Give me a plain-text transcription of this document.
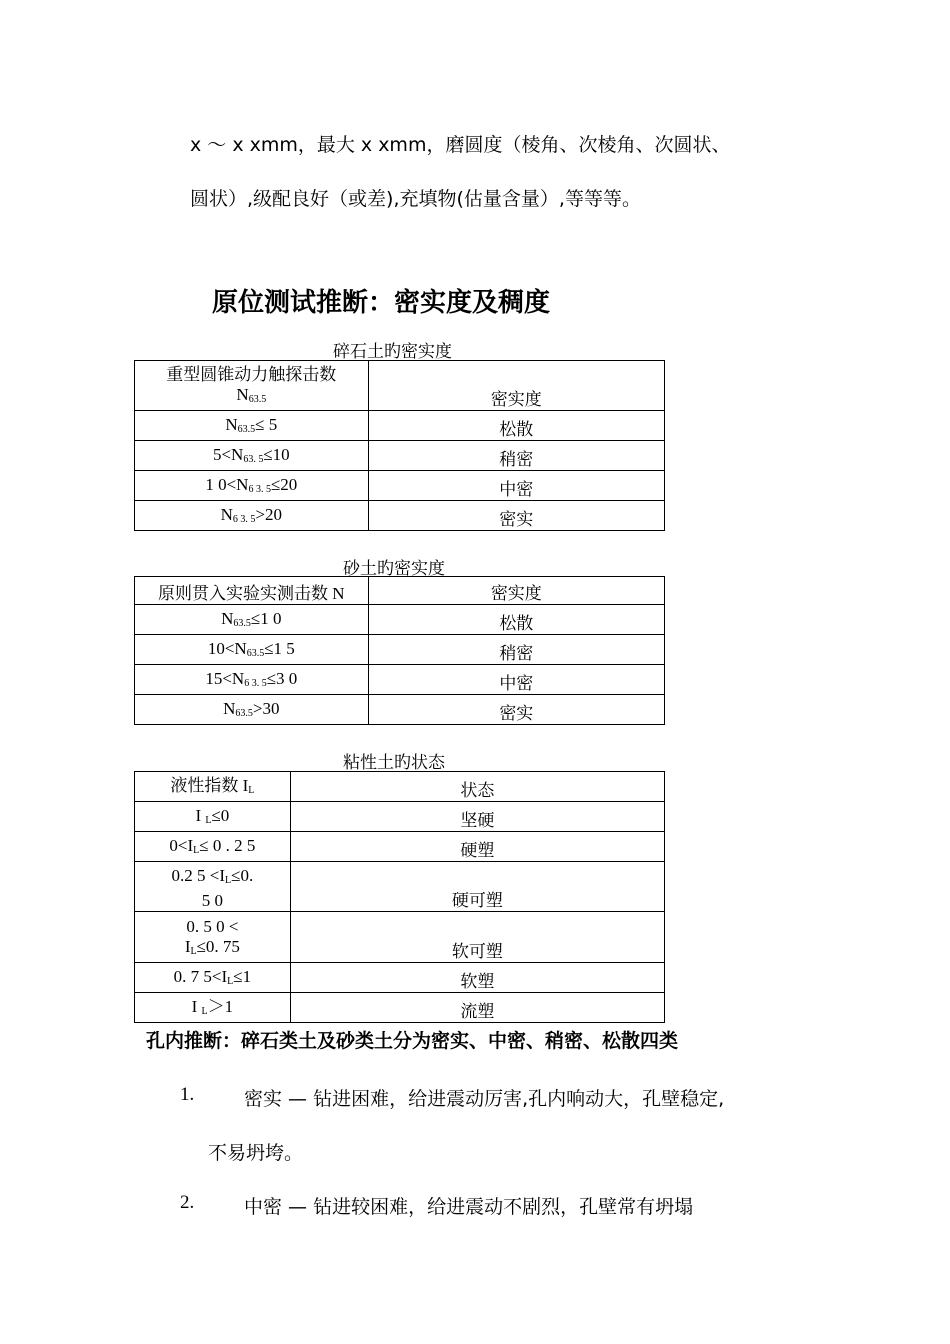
x ～ x xmm，最大 x xmm，磨圆度（棱角、次棱角、次圆状、
圆状）,级配良好（或差),充填物(估量含量）,等等等。
原位测试推断：密实度及稠度
碎石土旳密实度
重型圆锥动力触探击数
$N_{63.5}$	密实度
$N_{63.5}\le 5$	松散
$5<N_{63. 5}\le 10$	稍密
1 $0<N_{6 3. 5}\le 20$	中密
$N_{6 3. 5}>20$	密实
砂土旳密实度
原则贯入实验实测击数 N	密实度
$N_{63.5}\le 1$ 0	松散
$10<N_{63.5}\le 1$ 5	稍密
$15<N_{6 3. 5}\le 3$ 0	中密
$N_{63.5}>30$	密实
粘性土旳状态
液性指数 $I_L$	状态
I $_L$≤0	坚硬
$0<I_L\le 0$ . 2 5	硬塑

0.2 $5 <I_L\le 0$.
5 0	硬可塑

0. 5 0 <
$I_L\le 0$. 75	软可塑
0. 7 $5<I_L\le 1$	软塑
I $_L$＞1	流塑
孔内推断：碎石类土及砂类土分为密实、中密、稍密、松散四类
1.	密实 — 钻进困难，给进震动厉害,孔内响动大，孔壁稳定,
不易坍垮。
2.	中密 — 钻进较困难，给进震动不剧烈，孔壁常有坍塌
